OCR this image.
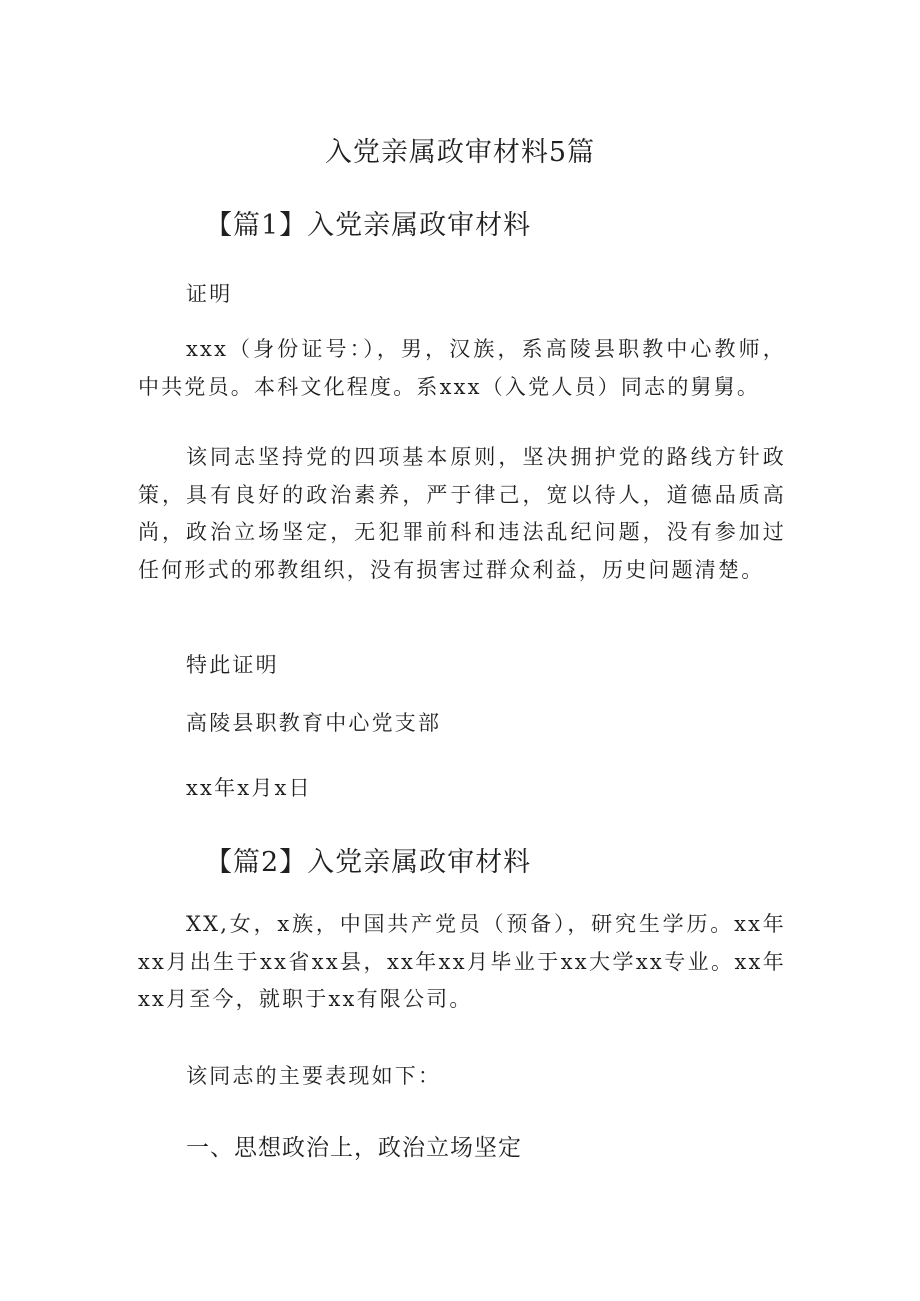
入党亲属政审材料5篇
【篇1】入党亲属政审材料
证明

xxx（身份证号：），男，汉族，系高陵县职教中心教师，中共党员。本科文化程度。系xxx（入党人员）同志的舅舅。

该同志坚持党的四项基本原则，坚决拥护党的路线方针政策，具有良好的政治素养，严于律己，宽以待人，道德品质高尚，政治立场坚定，无犯罪前科和违法乱纪问题，没有参加过任何形式的邪教组织，没有损害过群众利益，历史问题清楚。

特此证明
高陵县职教育中心党支部
xx年x月x日
【篇2】入党亲属政审材料

XX,女，x族，中国共产党员（预备），研究生学历。xx年xx月出生于xx省xx县，xx年xx月毕业于xx大学xx专业。xx年xx月至今，就职于xx有限公司。

该同志的主要表现如下：
一、思想政治上，政治立场坚定
